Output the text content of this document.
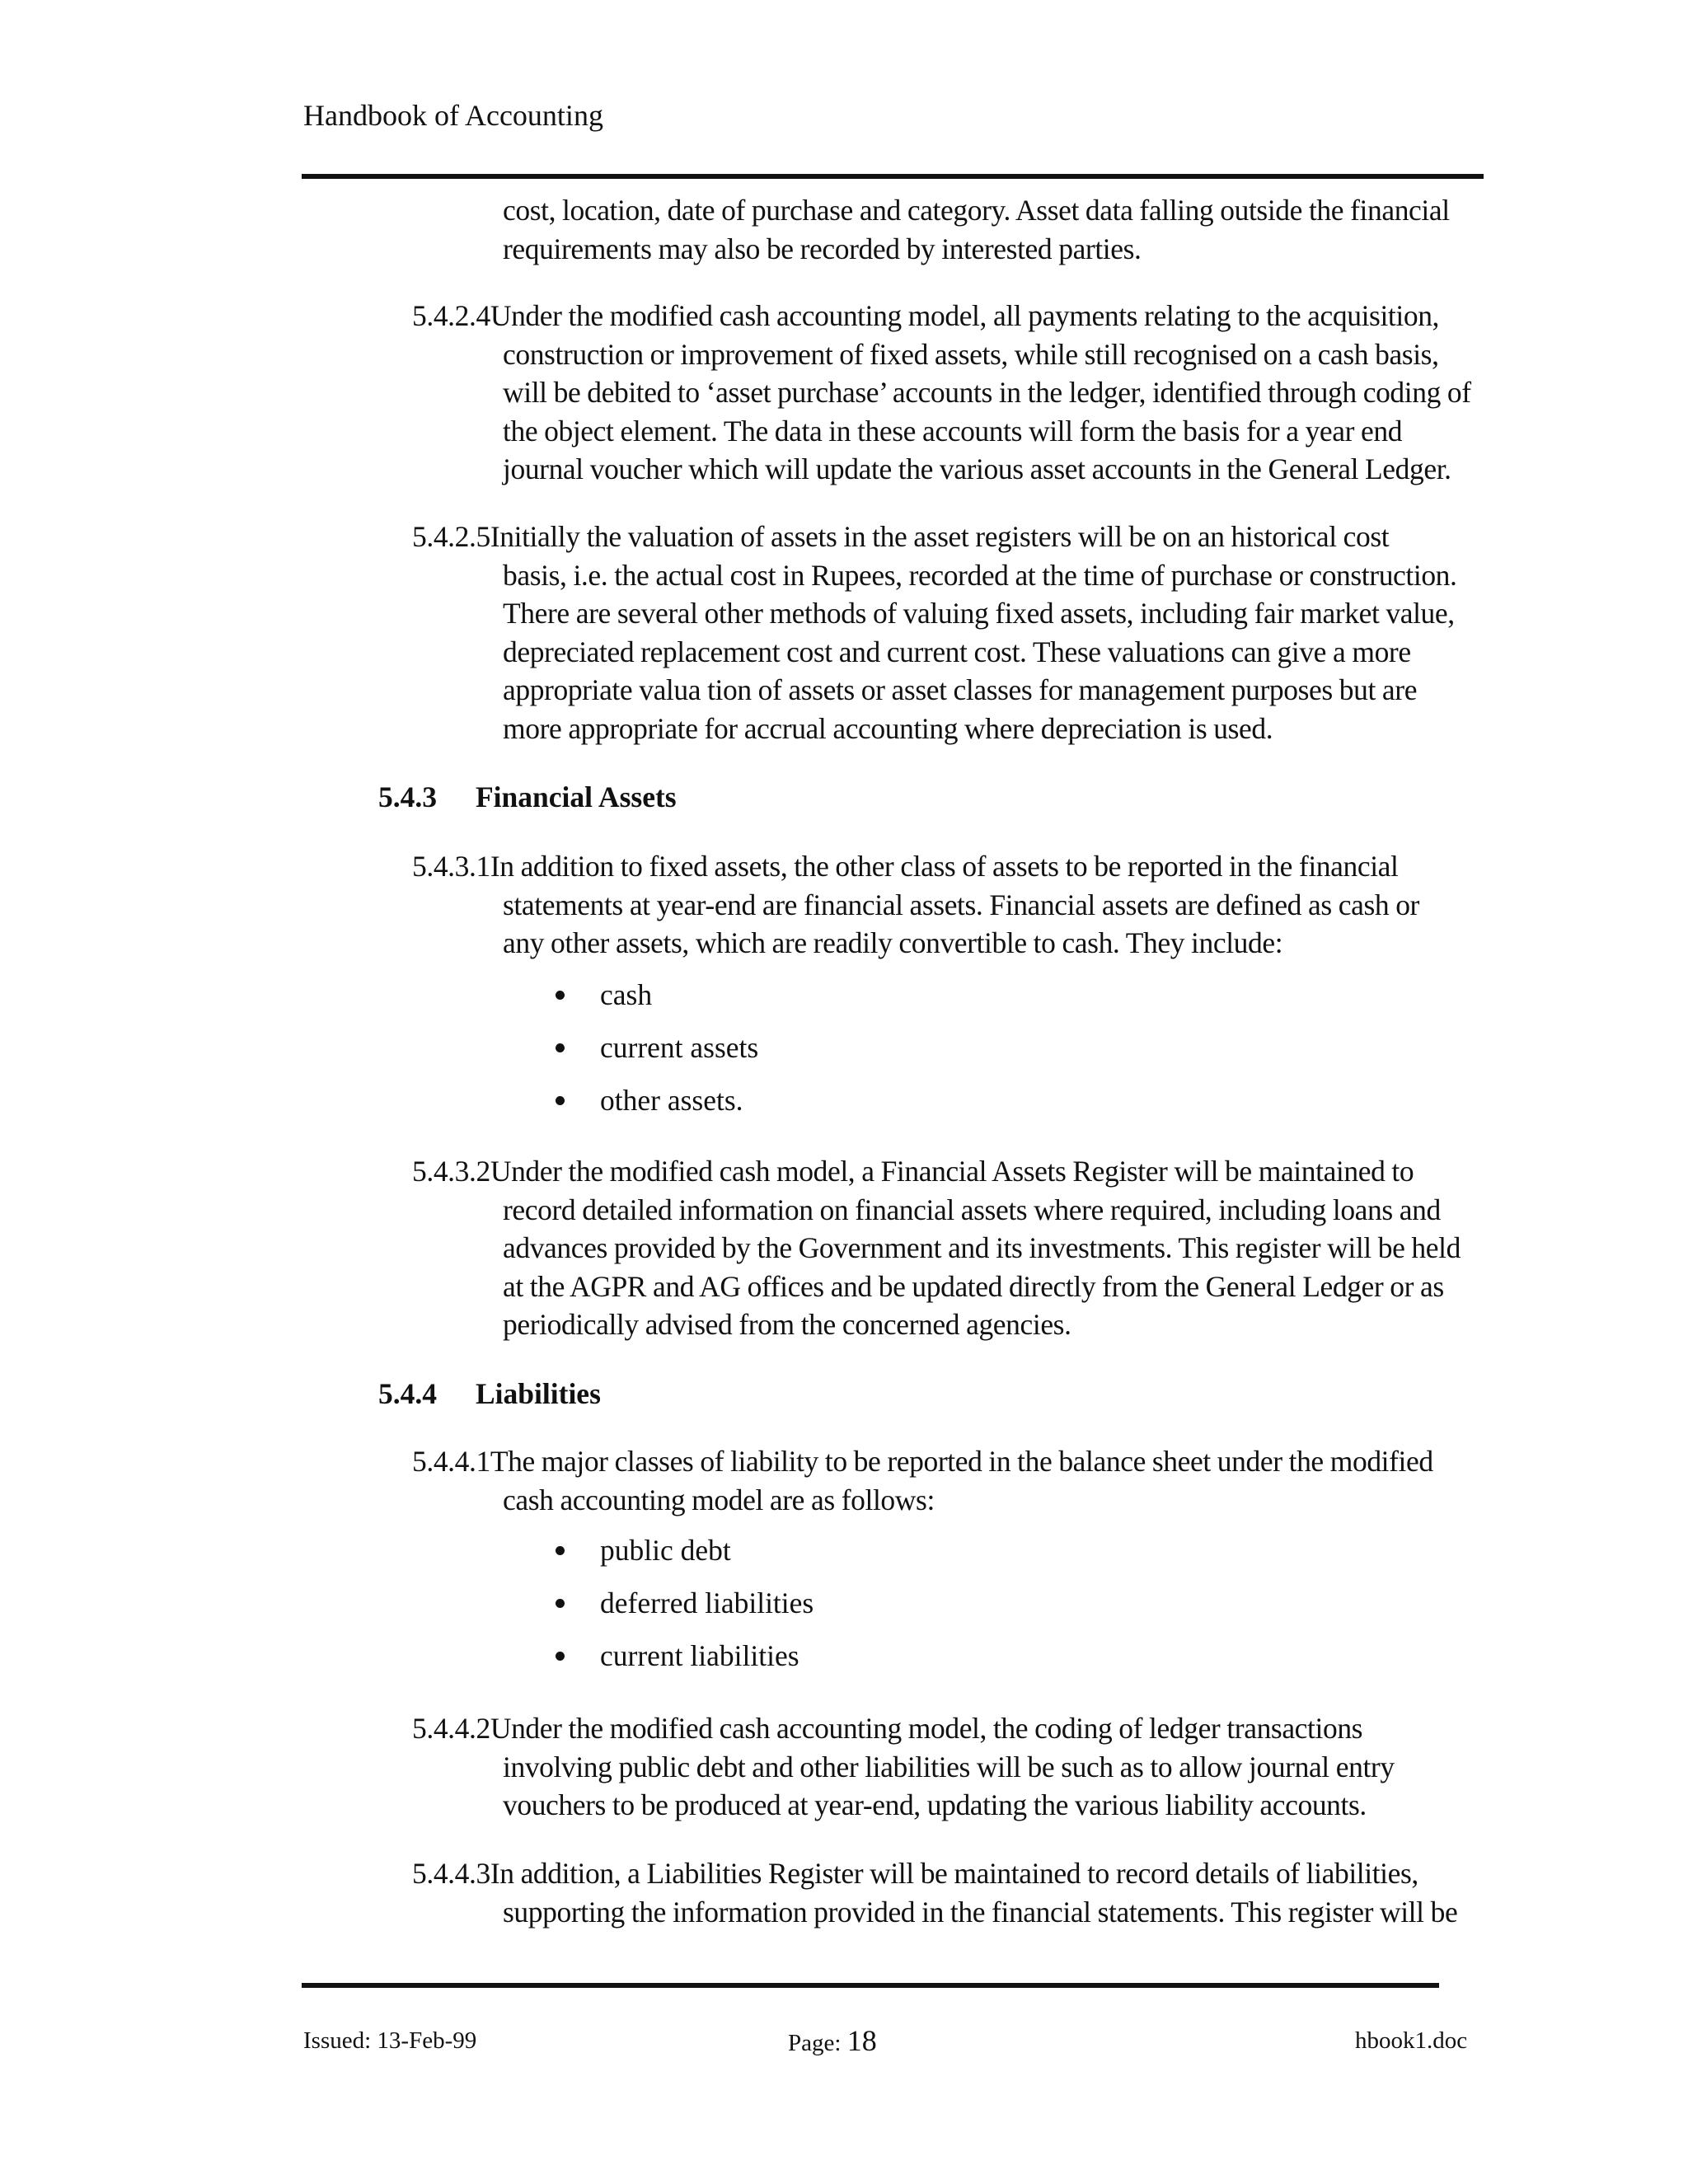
Handbook of Accounting
cost, location, date of purchase and category. Asset data falling outside the financial
requirements may also be recorded by interested parties.
5.4.2.4Under the modified cash accounting model, all payments relating to the acquisition,
construction or improvement of fixed assets, while still recognised on a cash basis,
will be debited to ‘asset purchase’ accounts in the ledger, identified through coding of
the object element. The data in these accounts will form the basis for a year end
journal voucher which will update the various asset accounts in the General Ledger.
5.4.2.5Initially the valuation of assets in the asset registers will be on an historical cost
basis, i.e. the actual cost in Rupees, recorded at the time of purchase or construction.
There are several other methods of valuing fixed assets, including fair market value,
depreciated replacement cost and current cost. These valuations can give a more
appropriate valua tion of assets or asset classes for management purposes but are
more appropriate for accrual accounting where depreciation is used.
5.4.3 Financial Assets
5.4.3.1In addition to fixed assets, the other class of assets to be reported in the financial
statements at year-end are financial assets. Financial assets are defined as cash or
any other assets, which are readily convertible to cash. They include:
cash
current assets
other assets.
5.4.3.2Under the modified cash model, a Financial Assets Register will be maintained to
record detailed information on financial assets where required, including loans and
advances provided by the Government and its investments. This register will be held
at the AGPR and AG offices and be updated directly from the General Ledger or as
periodically advised from the concerned agencies.
5.4.4 Liabilities
5.4.4.1The major classes of liability to be reported in the balance sheet under the modified
cash accounting model are as follows:
public debt
deferred liabilities
current liabilities
5.4.4.2Under the modified cash accounting model, the coding of ledger transactions
involving public debt and other liabilities will be such as to allow journal entry
vouchers to be produced at year-end, updating the various liability accounts.
5.4.4.3In addition, a Liabilities Register will be maintained to record details of liabilities,
supporting the information provided in the financial statements. This register will be
Issued: 13-Feb-99	Page: 18	hbook1.doc
